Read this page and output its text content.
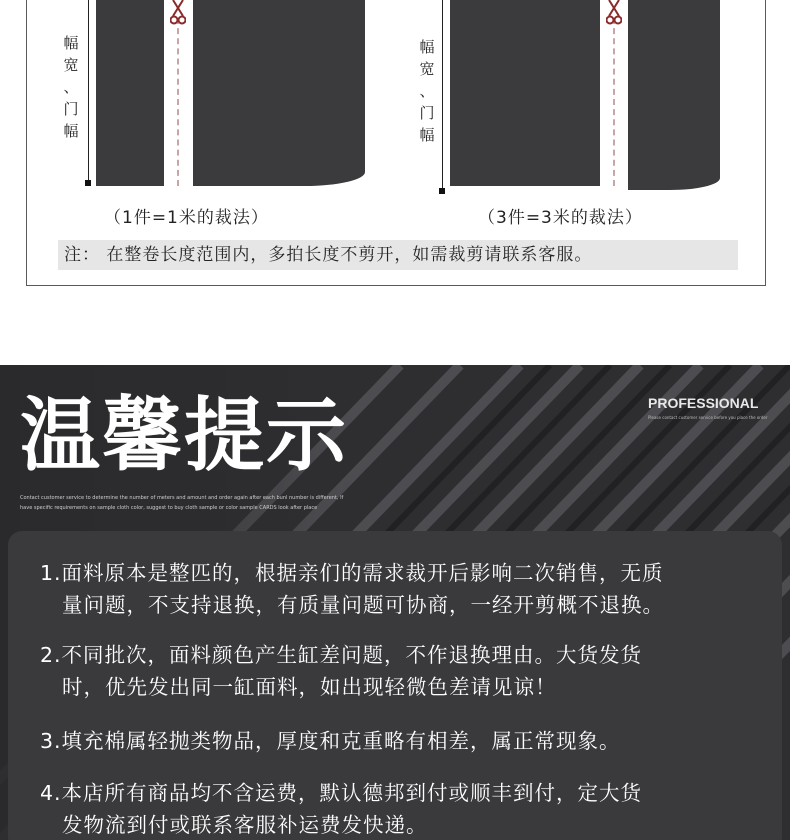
幅
宽
、
门
幅
（1件=1米的裁法）
幅
宽
、
门
幅
（3件=3米的裁法）
注： 在整卷长度范围内，多拍长度不剪开，如需裁剪请联系客服。
温馨提示
Contact customer service to determine the number of meters and amount and order again after each bunl number is different, If have specific requirements on sample cloth color, suggest to buy cloth sample or color sample CARDS look after place
PROFESSIONAL
Please contact customer service before you place the order
1.面料原本是整匹的，根据亲们的需求裁开后影响二次销售，无质
量问题，不支持退换，有质量问题可协商，一经开剪概不退换。
2.不同批次，面料颜色产生缸差问题，不作退换理由。大货发货
时，优先发出同一缸面料，如出现轻微色差请见谅！
3.填充棉属轻抛类物品，厚度和克重略有相差，属正常现象。
4.本店所有商品均不含运费，默认德邦到付或顺丰到付，定大货
发物流到付或联系客服补运费发快递。
